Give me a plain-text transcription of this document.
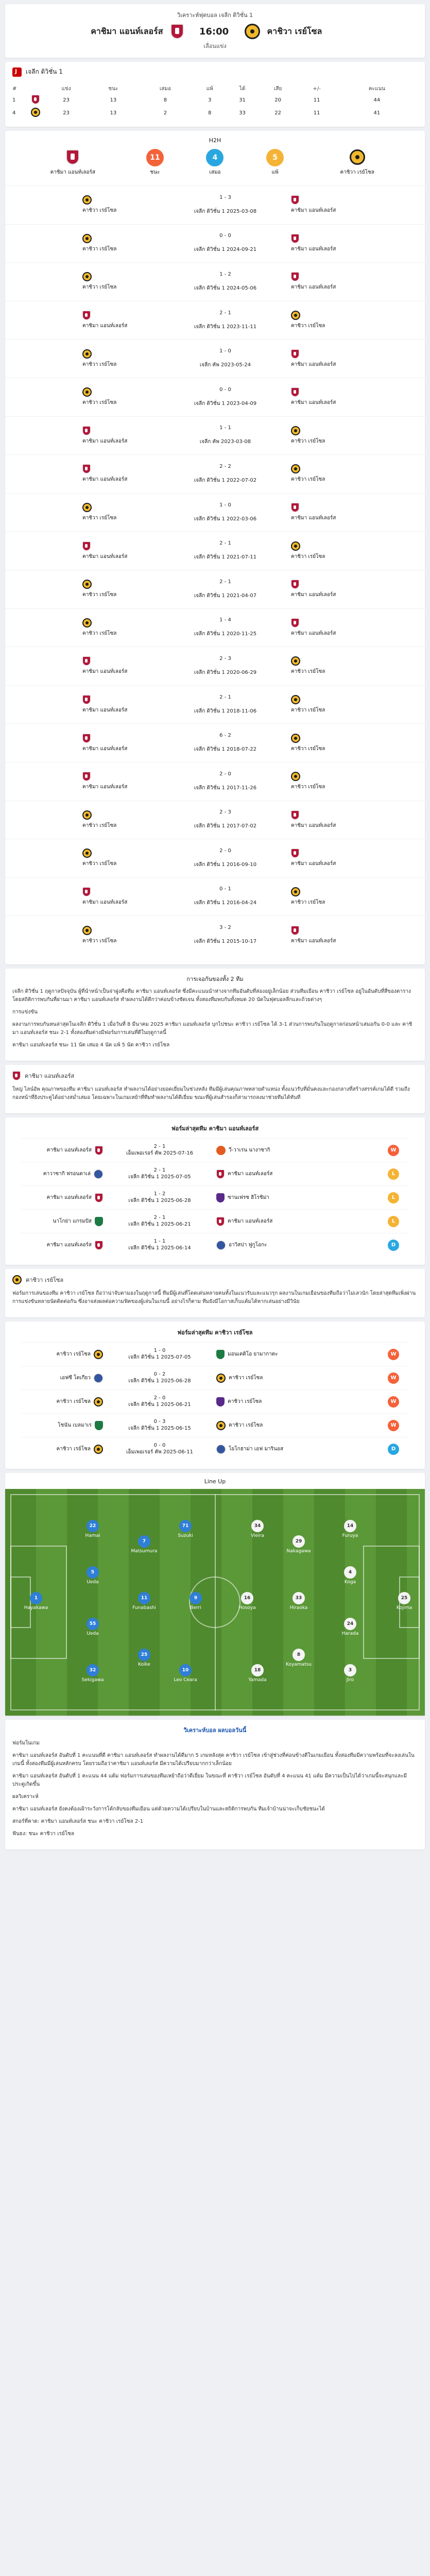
วิเคราะห์ฟุตบอล เจลีก ดิวิชั่น 1
คาชิมา แอนท์เลอร์ส	16:00	คาชิวา เรย์โซล
เลื่อนแข่ง
J
เจลีก ดิวิชั่น 1
#		แข่ง	ชนะ	เสมอ	แพ้	ได้	เสีย	+/-	คะแนน
1		23	13	8	3	31	20	11	44
4		23	13	2	8	33	22	11	41
H2H
คาชิมา แอนท์เลอร์ส
11
ชนะ
4
เสมอ
5
แพ้	คาชิวา เรย์โซล
คาชิวา เรย์โซล
1 - 3
เจลีก ดิวิชั่น 1 2025-03-08	คาชิมา แอนท์เลอร์ส
คาชิวา เรย์โซล
0 - 0
เจลีก ดิวิชั่น 1 2024-09-21	คาชิมา แอนท์เลอร์ส
คาชิวา เรย์โซล
1 - 2
เจลีก ดิวิชั่น 1 2024-05-06	คาชิมา แอนท์เลอร์ส
คาชิมา แอนท์เลอร์ส
2 - 1
เจลีก ดิวิชั่น 1 2023-11-11	คาชิวา เรย์โซล
คาชิวา เรย์โซล
1 - 0
เจลีก คัพ 2023-05-24	คาชิมา แอนท์เลอร์ส
คาชิวา เรย์โซล
0 - 0
เจลีก ดิวิชั่น 1 2023-04-09	คาชิมา แอนท์เลอร์ส
คาชิมา แอนท์เลอร์ส
1 - 1
เจลีก คัพ 2023-03-08	คาชิวา เรย์โซล
คาชิมา แอนท์เลอร์ส
2 - 2
เจลีก ดิวิชั่น 1 2022-07-02	คาชิวา เรย์โซล
คาชิวา เรย์โซล
1 - 0
เจลีก ดิวิชั่น 1 2022-03-06	คาชิมา แอนท์เลอร์ส
คาชิมา แอนท์เลอร์ส
2 - 1
เจลีก ดิวิชั่น 1 2021-07-11	คาชิวา เรย์โซล
คาชิวา เรย์โซล
2 - 1
เจลีก ดิวิชั่น 1 2021-04-07	คาชิมา แอนท์เลอร์ส
คาชิวา เรย์โซล
1 - 4
เจลีก ดิวิชั่น 1 2020-11-25	คาชิมา แอนท์เลอร์ส
คาชิมา แอนท์เลอร์ส
2 - 3
เจลีก ดิวิชั่น 1 2020-06-29	คาชิวา เรย์โซล
คาชิมา แอนท์เลอร์ส
2 - 1
เจลีก ดิวิชั่น 1 2018-11-06	คาชิวา เรย์โซล
คาชิมา แอนท์เลอร์ส
6 - 2
เจลีก ดิวิชั่น 1 2018-07-22	คาชิวา เรย์โซล
คาชิมา แอนท์เลอร์ส
2 - 0
เจลีก ดิวิชั่น 1 2017-11-26	คาชิวา เรย์โซล
คาชิวา เรย์โซล
2 - 3
เจลีก ดิวิชั่น 1 2017-07-02	คาชิมา แอนท์เลอร์ส
คาชิวา เรย์โซล
2 - 0
เจลีก ดิวิชั่น 1 2016-09-10	คาชิมา แอนท์เลอร์ส
คาชิมา แอนท์เลอร์ส
0 - 1
เจลีก ดิวิชั่น 1 2016-04-24	คาชิวา เรย์โซล
คาชิวา เรย์โซล
3 - 2
เจลีก ดิวิชั่น 1 2015-10-17	คาชิมา แอนท์เลอร์ส
การเจอกันของทั้ง 2 ทีม

เจลีก ดิวิชั่น 1 ฤดูกาลปัจจุบัน ผู้ที่นำหน้าเป็นจ่าฝูงคือทีม คาชิมา แอนท์เลอร์ส ซึ่งมีคะแนนนำห่างจากทีมอันดับที่สองอยู่เล็กน้อย ส่วนทีมเยือน คาชิวา เรย์โซล อยู่ในอันดับที่สี่ของตาราง โดยสถิติการพบกันที่ผ่านมา คาชิมา แอนท์เลอร์ส ทำผลงานได้ดีกว่าค่อนข้างชัดเจน ทั้งสองทีมพบกันทั้งหมด 20 นัดในฟุตบอลลีกและถ้วยต่างๆ

การแข่งขัน

ผลงานการพบกันหนล่าสุดในเจลีก ดิวิชั่น 1 เมื่อวันที่ 8 มีนาคม 2025 คาชิมา แอนท์เลอร์ส บุกไปชนะ คาชิวา เรย์โซล ได้ 3-1 ส่วนการพบกันในฤดูกาลก่อนหน้าเสมอกัน 0-0 และ คาชิมา แอนท์เลอร์ส ชนะ 2-1 ทั้งสองทีมต่างมีฟอร์มการเล่นที่ดีในฤดูกาลนี้

คาชิมา แอนท์เลอร์ส ชนะ 11 นัด เสมอ 4 นัด แพ้ 5 นัด คาชิวา เรย์โซล

คาชิมา แอนท์เลอร์ส

ใหญ่ ไลน์อัพ คุณภาพของทีม คาชิมา แอนท์เลอร์ส ทำผลงานได้อย่างยอดเยี่ยมในช่วงหลัง ทีมมีผู้เล่นคุณภาพหลายตำแหน่ง ทั้งแนวรับที่มั่นคงและกองกลางที่สร้างสรรค์เกมได้ดี รวมถึงกองหน้าที่ยิงประตูได้อย่างสม่ำเสมอ โดยเฉพาะในเกมเหย้าที่ทีมทำผลงานได้ดีเยี่ยม ขณะที่ผู้เล่นสำรองก็สามารถลงมาช่วยทีมได้ทันที

ฟอร์มล่าสุดทีม คาชิมา แอนท์เลอร์ส
คาชิมา แอนท์เลอร์ส
2 - 1
เอ็มเพอเรอร์ คัพ 2025-07-16	วี-วาเรน นางาซากิ	W
คาวาซากิ ฟรอนตาเล่
2 - 1
เจลีก ดิวิชั่น 1 2025-07-05	คาชิมา แอนท์เลอร์ส	L
คาชิมา แอนท์เลอร์ส
1 - 2
เจลีก ดิวิชั่น 1 2025-06-28	ซานเฟรซ ฮิโรชิม่า	L
นาโกย่า แกรมปัส
2 - 1
เจลีก ดิวิชั่น 1 2025-06-21	คาชิมา แอนท์เลอร์ส	L
คาชิมา แอนท์เลอร์ส
1 - 1
เจลีก ดิวิชั่น 1 2025-06-14	อาวิสปา ฟูกูโอกะ	D
คาชิวา เรย์โซล

ฟอร์มการเล่นของทีม คาชิวา เรย์โซล ถือว่าน่าจับตามองในฤดูกาลนี้ ทีมมีผู้เล่นที่โดดเด่นหลายคนทั้งในแนวรับและแนวรุก ผลงานในเกมเยือนของทีมถือว่าไม่เลวนัก โดยล่าสุดทีมเพิ่งผ่านการแข่งขันหลายนัดติดต่อกัน ซึ่งอาจส่งผลต่อความฟิตของผู้เล่นในเกมนี้ อย่างไรก็ตาม ทีมยังมีโอกาสเก็บแต้มได้หากเล่นอย่างมีวินัย

ฟอร์มล่าสุดทีม คาชิวา เรย์โซล
คาชิวา เรย์โซล
1 - 0
เจลีก ดิวิชั่น 1 2025-07-05	มอนเตดิโอ ยามากาตะ	W
เอฟซี โตเกียว
0 - 2
เจลีก ดิวิชั่น 1 2025-06-28	คาชิวา เรย์โซล	W
คาชิวา เรย์โซล
2 - 0
เจลีก ดิวิชั่น 1 2025-06-21	คาชิวา เรย์โซล	W
โชนัน เบลมาเร
0 - 3
เจลีก ดิวิชั่น 1 2025-06-15	คาชิวา เรย์โซล	W
คาชิวา เรย์โซล
0 - 0
เอ็มเพอเรอร์ คัพ 2025-06-11	โยโกฮาม่า เอฟ มารินอส	D
Line Up
1
Hayakawa
22
Hamai
5
Ueda
55
Ueda
32
Sekigawa
7
Matsumura
11
Funabashi
25
Koike
71
Suzuki
10
Leo Ceara
9
Berri
25
Kojima
14
Furuya
4
Koga
24
Harada
3
Jiro
29
Nakagawa
33
Hiraoka
8
Koyamatsu
34
Vieira
18
Yamada
16
Hosoya
วิเคราะห์บอล ผลบอลวันนี้

ฟอร์มในเกม

คาชิมา แอนท์เลอร์ส อันดับที่ 1 คะแนนที่ดี คาชิมา แอนท์เลอร์ส ทำผลงานได้ดีมาก 5 เกมหลังสุด คาชิวา เรย์โซล เข้าสู่ช่วงที่ค่อนข้างดีในเกมเยือน ทั้งสองทีมมีความพร้อมที่จะลงเล่นในเกมนี้ ทั้งสองทีมมีผู้เล่นหลักครบ โดยรวมถือว่าคาชิมา แอนท์เลอร์ส มีความได้เปรียบมากกว่าเล็กน้อย

คาชิมา แอนท์เลอร์ส อันดับที่ 1 คะแนน 44 แต้ม ฟอร์มการเล่นของทีมเหย้าถือว่าดีเยี่ยม ในขณะที่ คาชิวา เรย์โซล อันดับที่ 4 คะแนน 41 แต้ม มีความเป็นไปได้ว่าเกมนี้จะสนุกและมีประตูเกิดขึ้น

ผลวิเคราะห์

คาชิมา แอนท์เลอร์ส ยังคงต้องเฝ้าระวังการโต้กลับของทีมเยือน แต่ด้วยความได้เปรียบในบ้านและสถิติการพบกัน ทีมเจ้าบ้านน่าจะเก็บชัยชนะได้

สกอร์ที่คาด: คาชิมา แอนท์เลอร์ส ชนะ คาชิวา เรย์โซล 2-1

ฟันธง: ชนะ คาชิวา เรย์โซล
